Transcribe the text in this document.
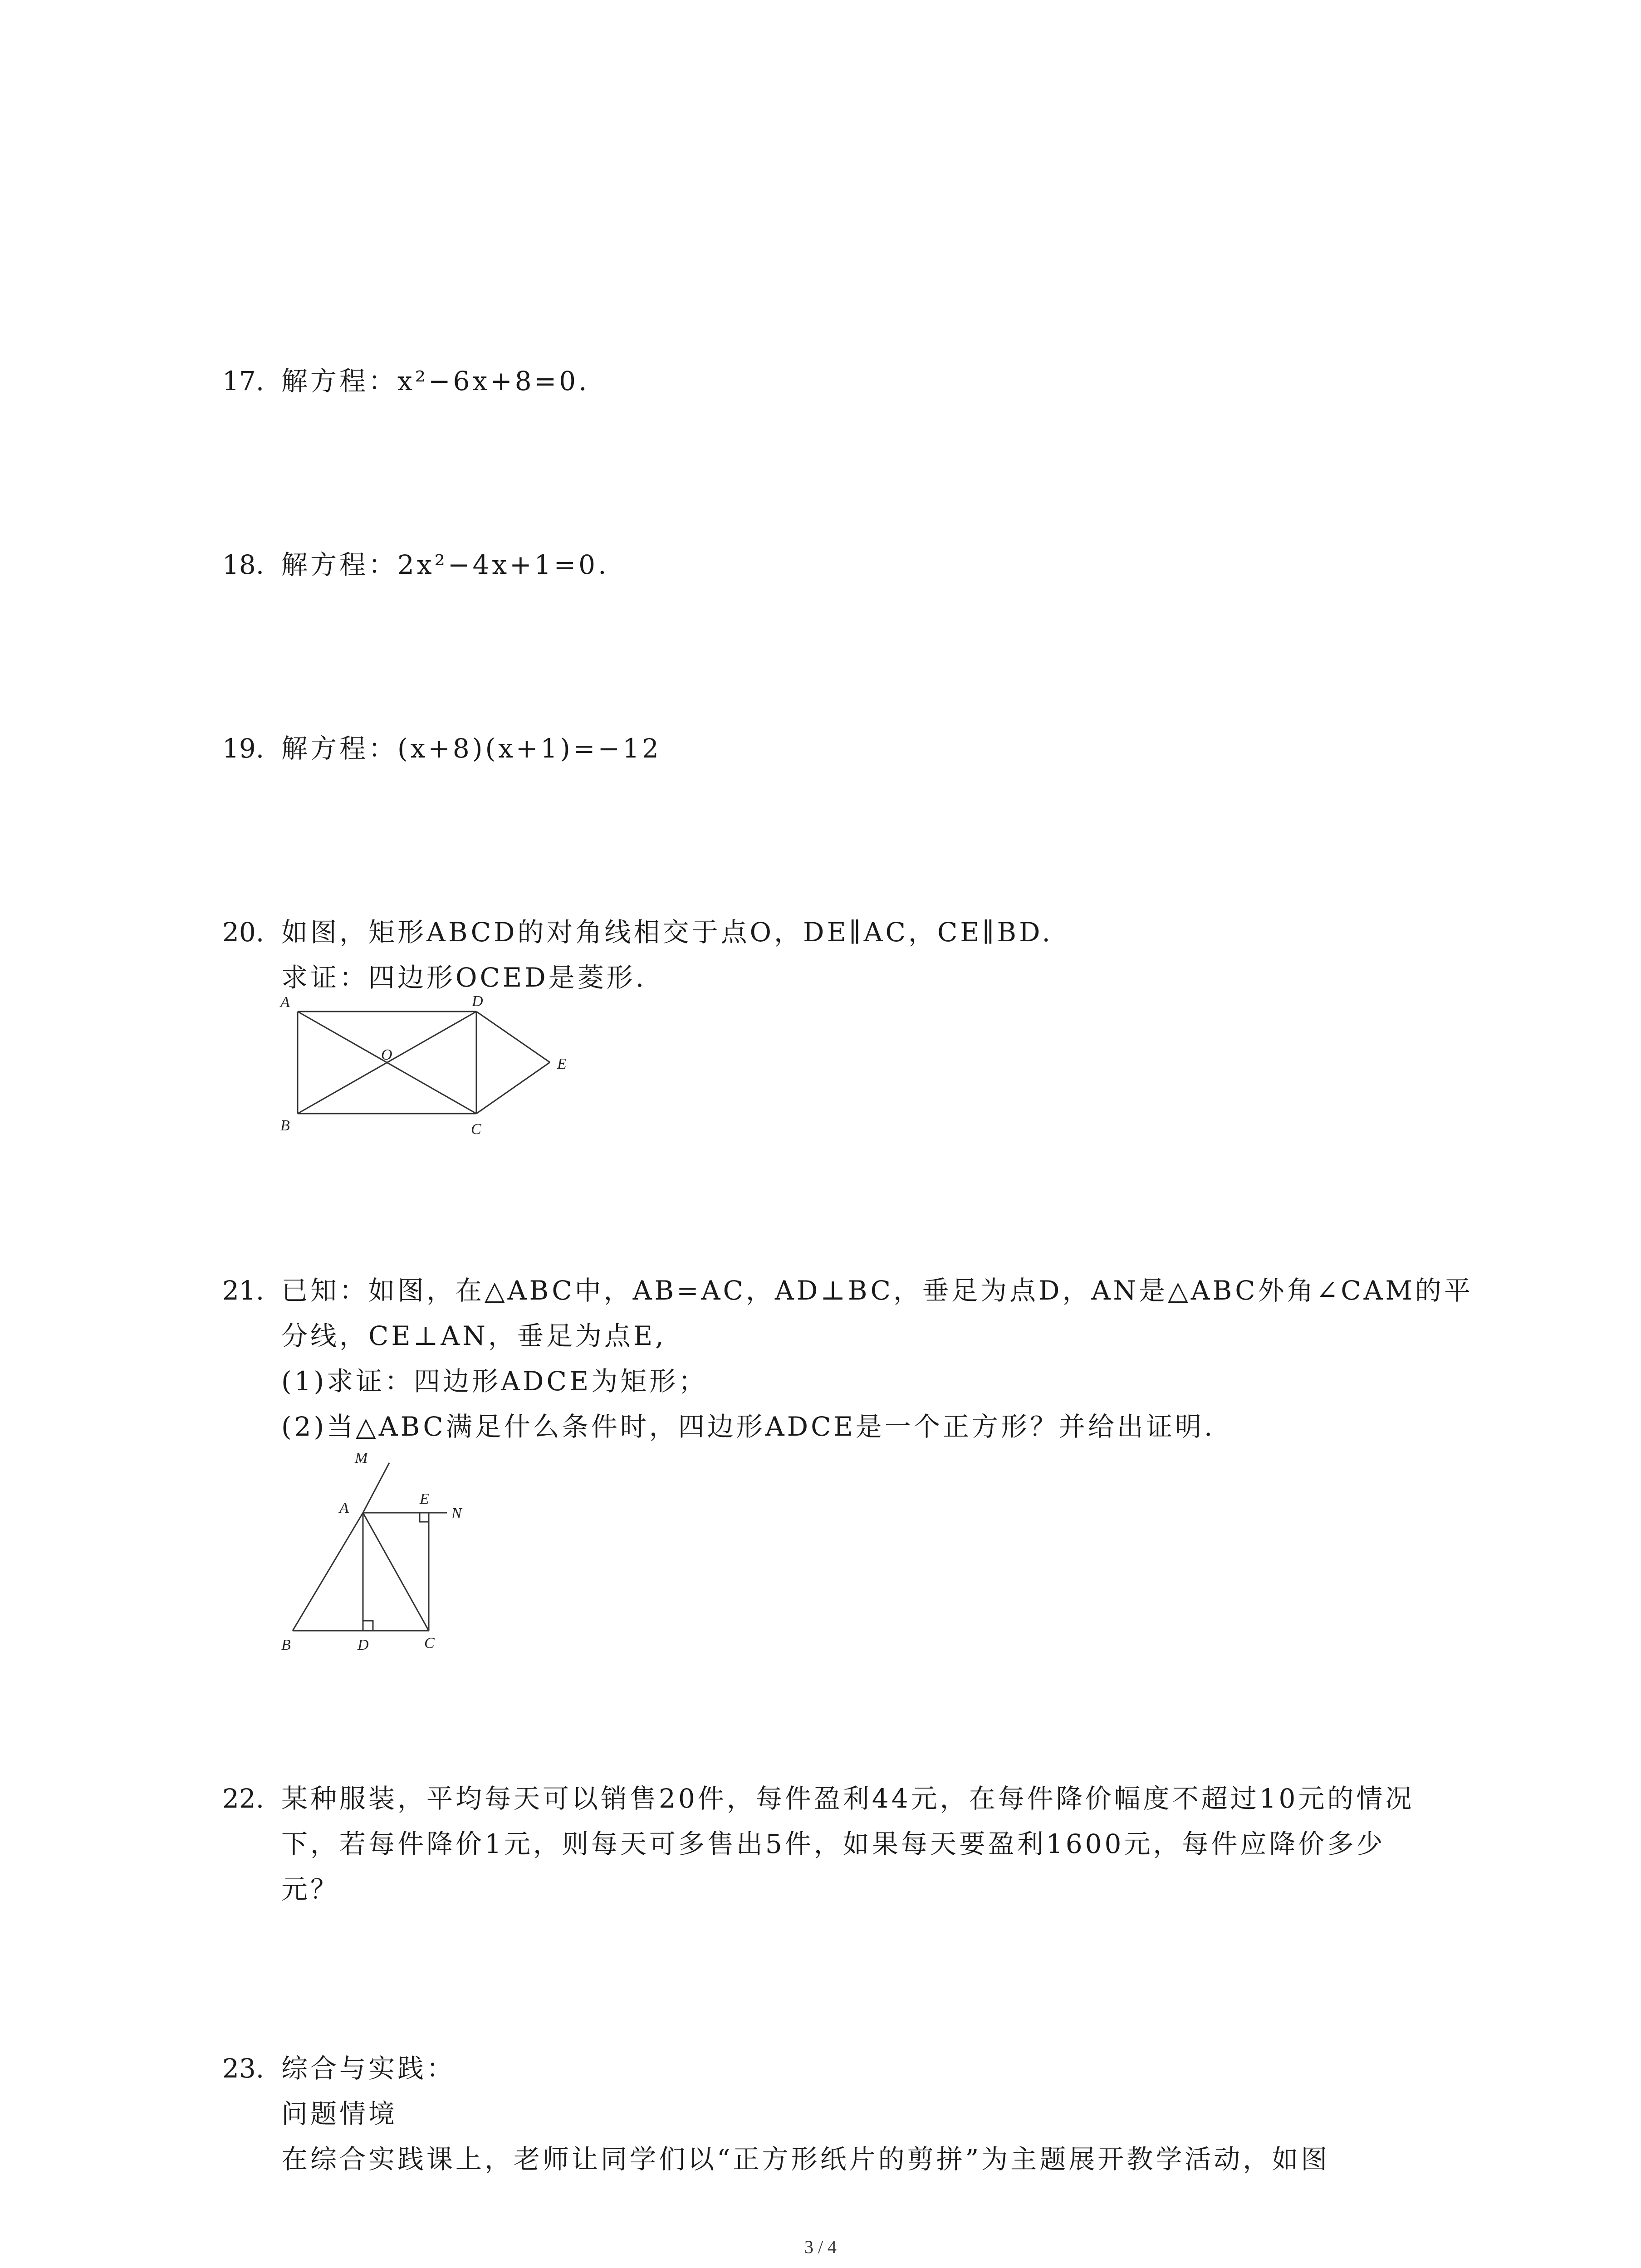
17. 解方程：x²−6x+8=0.
18. 解方程：2x²−4x+1=0.
19. 解方程：(x+8)(x+1)=−12
20. 如图，矩形ABCD的对角线相交于点O，DE∥AC，CE∥BD.
求证：四边形OCED是菱形.
A
B	C
D
O
E
21. 已知：如图，在△ABC中，AB=AC，AD⊥BC，垂足为点D，AN是△ABC外角∠CAM的平
分线，CE⊥AN，垂足为点E,
(1)求证：四边形ADCE为矩形；
(2)当△ABC满足什么条件时，四边形ADCE是一个正方形？并给出证明.
M
A
E
N
B	D	C
22. 某种服装，平均每天可以销售20件，每件盈利44元，在每件降价幅度不超过10元的情况
下，若每件降价1元，则每天可多售出5件，如果每天要盈利1600元，每件应降价多少
元？
23. 综合与实践：
问题情境
在综合实践课上，老师让同学们以“正方形纸片的剪拼”为主题展开教学活动，如图
3 / 4
